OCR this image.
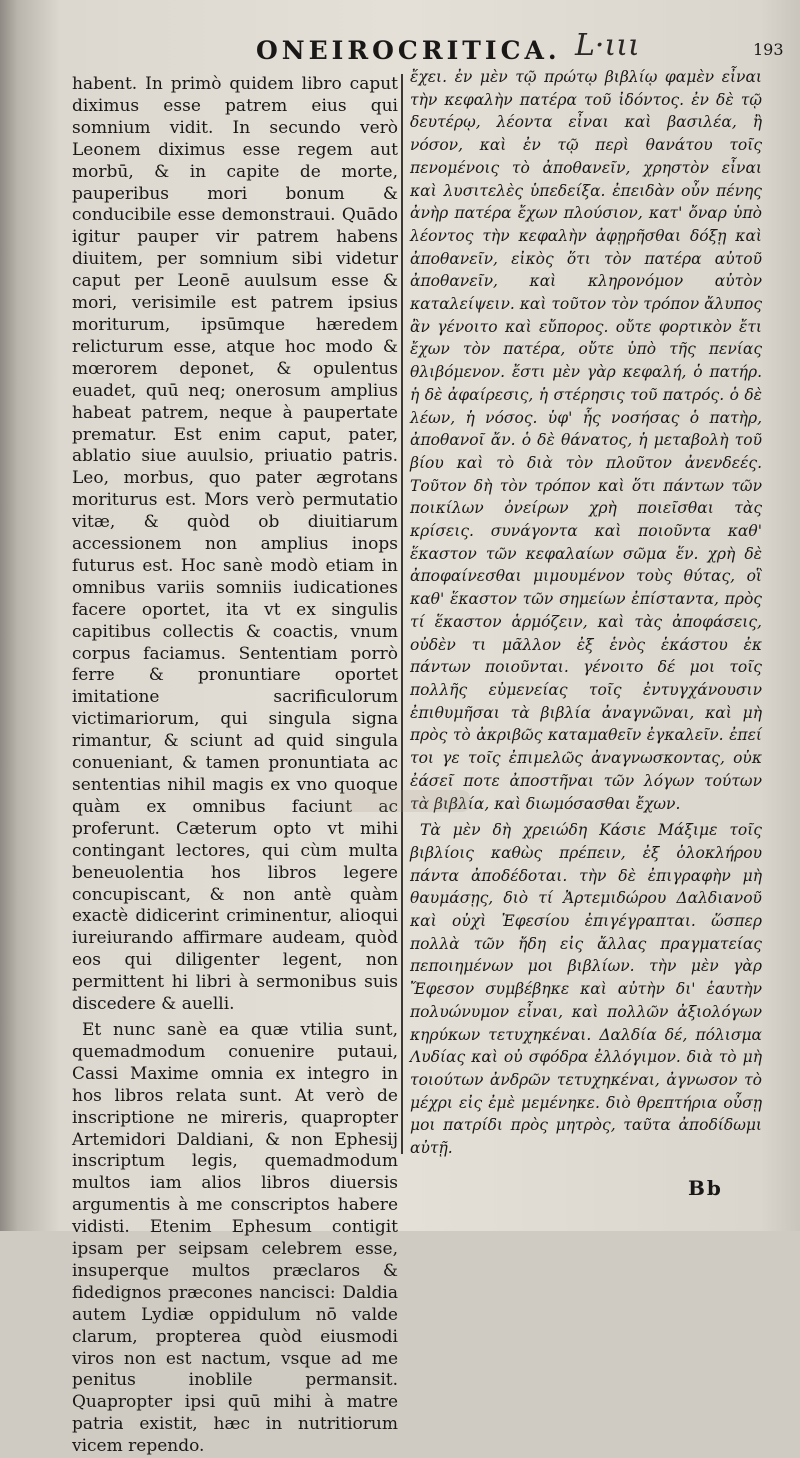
ONEIROCRITICA. L·ιιι	193

habent. In primò quidem libro caput diximus esse patrem eius qui somnium vidit. In secundo verò Leonem diximus esse regem aut morbū, & in capite de morte, pauperibus mori bonum & conducibile esse demonstraui. Quādo igitur pauper vir patrem habens diuitem, per somnium sibi videtur caput per Leonē auulsum esse & mori, verisimile est patrem ipsius moriturum, ipsūmque hæredem relicturum esse, atque hoc modo & mœrorem deponet, & opulentus euadet, quū neq; onerosum amplius habeat patrem, neque à paupertate prematur. Est enim caput, pater, ablatio siue auulsio, priuatio patris. Leo, morbus, quo pater ægrotans moriturus est. Mors verò permutatio vitæ, & quòd ob diuitiarum accessionem non amplius inops futurus est. Hoc sanè modò etiam in omnibus variis somniis iudicationes facere oportet, ita vt ex singulis capitibus collectis & coactis, vnum corpus faciamus. Sententiam porrò ferre & pronuntiare oportet imitatione sacrificulorum victimariorum, qui singula signa rimantur, & sciunt ad quid singula conueniant, & tamen pronuntiata ac sententias nihil magis ex vno quoque quàm ex omnibus faciunt ac proferunt. Cæterum opto vt mihi contingant lectores, qui cùm multa beneuolentia hos libros legere concupiscant, & non antè quàm exactè didicerint criminentur, alioqui iureiurando affirmare audeam, quòd eos qui diligenter legent, non permittent hi libri à sermonibus suis discedere & auelli.

Et nunc sanè ea quæ vtilia sunt, quemadmodum conuenire putaui, Cassi Maxime omnia ex integro in hos libros relata sunt. At verò de inscriptione ne mireris, quapropter Artemidori Daldiani, & non Ephesij inscriptum legis, quemadmodum multos iam alios libros diuersis argumentis à me conscriptos habere vidisti. Etenim Ephesum contigit ipsam per seipsam celebrem esse, insuperque multos præclaros & fidedignos præcones nancisci: Daldia autem Lydiæ oppidulum nō valde clarum, propterea quòd eiusmodi viros non est nactum, vsque ad me penitus inoblile permansit. Quapropter ipsi quū mihi à matre patria existit, hæc in nutritiorum vicem rependo.

ἔχει. ἐν μὲν τῷ πρώτῳ βιβλίῳ φαμὲν εἶναι τὴν κεφαλὴν πατέρα τοῦ ἰδόντος. ἐν δὲ τῷ δευτέρῳ, λέοντα εἶναι καὶ βασιλέα, ἢ νόσον, καὶ ἐν τῷ περὶ θανάτου τοῖς πενομένοις τὸ ἀποθανεῖν, χρηστὸν εἶναι καὶ λυσιτελὲς ὑπεδείξα. ἐπειδὰν οὖν πένης ἀνὴρ πατέρα ἔχων πλούσιον, κατ' ὄναρ ὑπὸ λέοντος τὴν κεφαλὴν ἀφῃρῆσθαι δόξῃ καὶ ἀποθανεῖν, εἰκὸς ὅτι τὸν πατέρα αὐτοῦ ἀποθανεῖν, καὶ κληρονόμον αὐτὸν καταλείψειν. καὶ τοῦτον τὸν τρόπον ἄλυπος ἂν γένοιτο καὶ εὔπορος. οὔτε φορτικὸν ἔτι ἔχων τὸν πατέρα, οὔτε ὑπὸ τῆς πενίας θλιβόμενον. ἔστι μὲν γὰρ κεφαλή, ὁ πατήρ. ἡ δὲ ἀφαίρεσις, ἡ στέρησις τοῦ πατρός. ὁ δὲ λέων, ἡ νόσος. ὑφ' ἧς νοσήσας ὁ πατὴρ, ἀποθανοῖ ἄν. ὁ δὲ θάνατος, ἡ μεταβολὴ τοῦ βίου καὶ τὸ διὰ τὸν πλοῦτον ἀνενδεές. Τοῦτον δὴ τὸν τρόπον καὶ ὅτι πάντων τῶν ποικίλων ὀνείρων χρὴ ποιεῖσθαι τὰς κρίσεις. συνάγοντα καὶ ποιοῦντα καθ' ἕκαστον τῶν κεφαλαίων σῶμα ἕν. χρὴ δὲ ἀποφαίνεσθαι μιμουμένον τοὺς θύτας, οἳ καθ' ἕκαστον τῶν σημείων ἐπίσταντα, πρὸς τί ἕκαστον ἁρμόζειν, καὶ τὰς ἀποφάσεις, οὐδὲν τι μᾶλλον ἐξ ἑνὸς ἑκάστου ἐκ πάντων ποιοῦνται. γένοιτο δέ μοι τοῖς πολλῆς εὐμενείας τοῖς ἐντυγχάνουσιν ἐπιθυμῆσαι τὰ βιβλία ἀναγνῶναι, καὶ μὴ πρὸς τὸ ἀκριβῶς καταμαθεῖν ἐγκαλεῖν. ἐπεί τοι γε τοῖς ἐπιμελῶς ἀναγνωσκοντας, οὐκ ἐάσεῖ ποτε ἀποστῆναι τῶν λόγων τούτων τὰ βιβλία, καὶ διωμόσασθαι ἔχων.

Τὰ μὲν δὴ χρειώδη Κάσιε Μάξιμε τοῖς βιβλίοις καθὼς πρέπειν, ἐξ ὁλοκλήρου πάντα ἀποδέδοται. τὴν δὲ ἐπιγραφὴν μὴ θαυμάσῃς, διὸ τί Ἀρτεμιδώρου Δαλδιανοῦ καὶ οὐχὶ Ἐφεσίου ἐπιγέγραπται. ὥσπερ πολλὰ τῶν ἤδη εἰς ἄλλας πραγματείας πεποιημένων μοι βιβλίων. τὴν μὲν γὰρ Ἔφεσον συμβέβηκε καὶ αὐτὴν δι' ἑαυτὴν πολυώνυμον εἶναι, καὶ πολλῶν ἀξιολόγων κηρύκων τετυχηκέναι. Δαλδία δέ, πόλισμα Λυδίας καὶ οὐ σφόδρα ἐλλόγιμον. διὰ τὸ μὴ τοιούτων ἀνδρῶν τετυχηκέναι, ἀγνωσον τὸ μέχρι εἰς ἐμὲ μεμένηκε. διὸ θρεπτήρια οὖσῃ μοι πατρίδι πρὸς μητρὸς, ταῦτα ἀποδίδωμι αὐτῇ.

Bb
